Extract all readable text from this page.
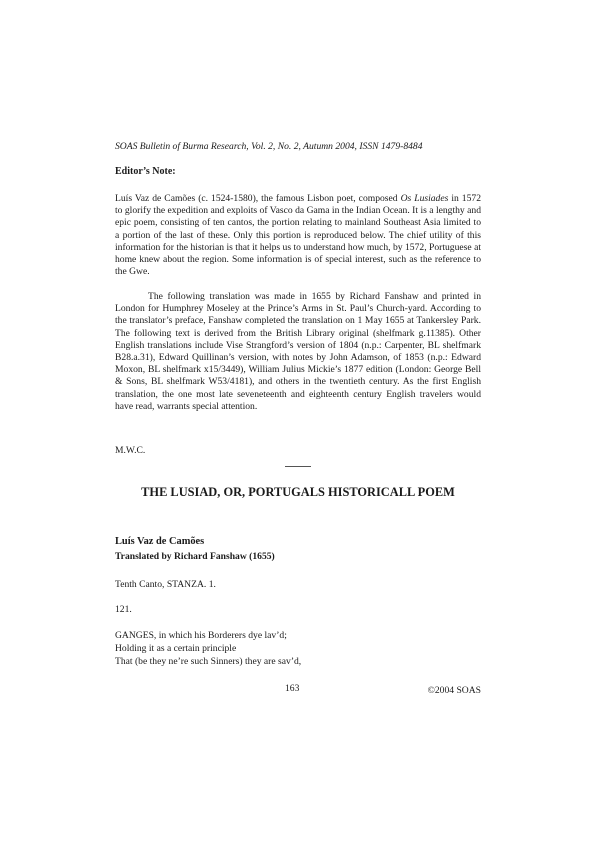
SOAS Bulletin of Burma Research, Vol. 2, No. 2, Autumn 2004, ISSN 1479-8484
Editor’s Note:

Luís Vaz de Camões (c. 1524-1580), the famous Lisbon poet, composed Os Lusiades in 1572 to glorify the expedition and exploits of Vasco da Gama in the Indian Ocean. It is a lengthy and epic poem, consisting of ten cantos, the portion relating to mainland Southeast Asia limited to a portion of the last of these. Only this portion is reproduced below. The chief utility of this information for the historian is that it helps us to understand how much, by 1572, Portuguese at home knew about the region. Some information is of special interest, such as the reference to the Gwe.

The following translation was made in 1655 by Richard Fanshaw and printed in London for Humphrey Moseley at the Prince’s Arms in St. Paul’s Church-yard. According to the translator’s preface, Fanshaw completed the translation on 1 May 1655 at Tankersley Park. The following text is derived from the British Library original (shelfmark g.11385). Other English translations include Vise Strangford’s version of 1804 (n.p.: Carpenter, BL shelfmark B28.a.31), Edward Quillinan’s version, with notes by John Adamson, of 1853 (n.p.: Edward Moxon, BL shelfmark x15/3449), William Julius Mickie’s 1877 edition (London: George Bell & Sons, BL shelfmark W53/4181), and others in the twentieth century. As the first English translation, the one most late seveneteenth and eighteenth century English travelers would have read, warrants special attention.

M.W.C.
THE LUSIAD, OR, PORTUGALS HISTORICALL POEM
Luís Vaz de Camões
Translated by Richard Fanshaw (1655)
Tenth Canto, STANZA. 1.
121.
GANGES, in which his Borderers dye lav’d;
Holding it as a certain principle
That (be they ne’re such Sinners) they are sav’d,
163	©2004 SOAS
